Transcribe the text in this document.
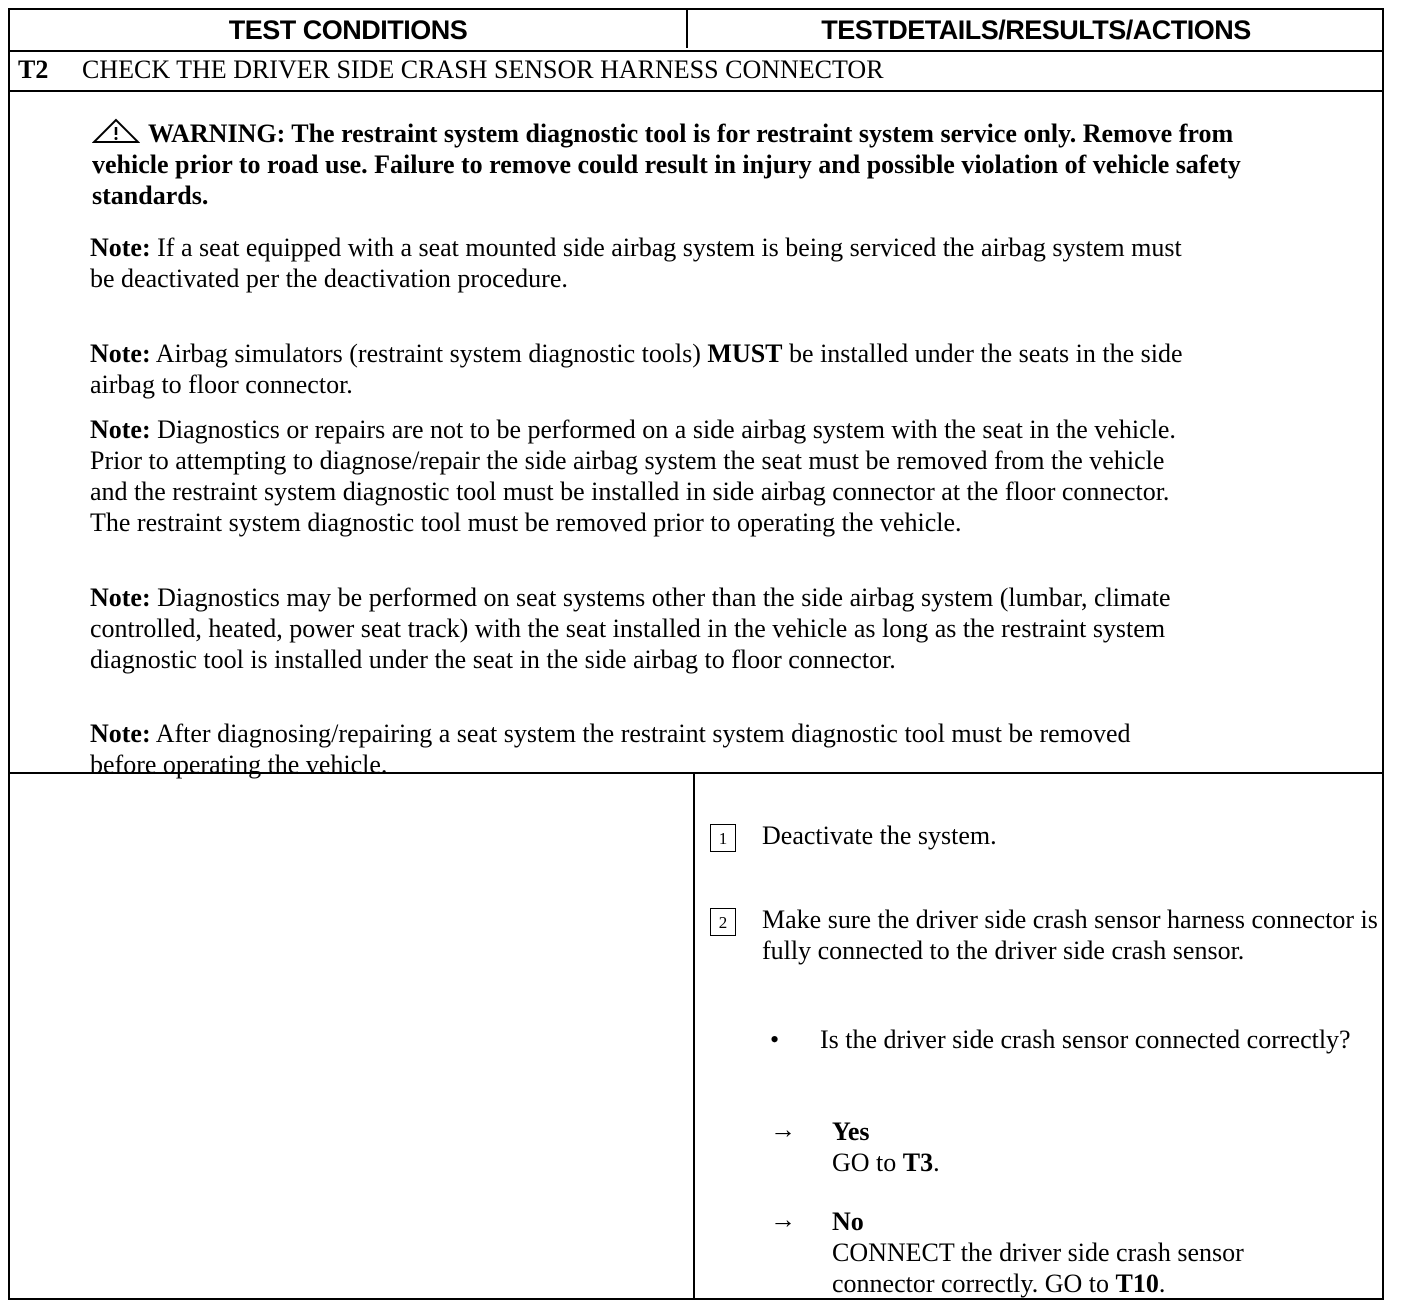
TEST CONDITIONS	TESTDETAILS/RESULTS/ACTIONS
T2 CHECK THE DRIVER SIDE CRASH SENSOR HARNESS CONNECTOR
WARNING: The restraint system diagnostic tool is for restraint system service only. Remove from vehicle prior to road use. Failure to remove could result in injury and possible violation of vehicle safety standards.
Note: If a seat equipped with a seat mounted side airbag system is being serviced the airbag system must be deactivated per the deactivation procedure.
Note: Airbag simulators (restraint system diagnostic tools) MUST be installed under the seats in the side airbag to floor connector.
Note: Diagnostics or repairs are not to be performed on a side airbag system with the seat in the vehicle. Prior to attempting to diagnose/repair the side airbag system the seat must be removed from the vehicle and the restraint system diagnostic tool must be installed in side airbag connector at the floor connector. The restraint system diagnostic tool must be removed prior to operating the vehicle.
Note: Diagnostics may be performed on seat systems other than the side airbag system (lumbar, climate controlled, heated, power seat track) with the seat installed in the vehicle as long as the restraint system diagnostic tool is installed under the seat in the side airbag to floor connector.
Note: After diagnosing/repairing a seat system the restraint system diagnostic tool must be removed before operating the vehicle.
1	Deactivate the system.
2	Make sure the driver side crash sensor harness connector is fully connected to the driver side crash sensor.
• Is the driver side crash sensor connected correctly?
→ Yes
GO to T3.
→ No
CONNECT the driver side crash sensor connector correctly. GO to T10.
